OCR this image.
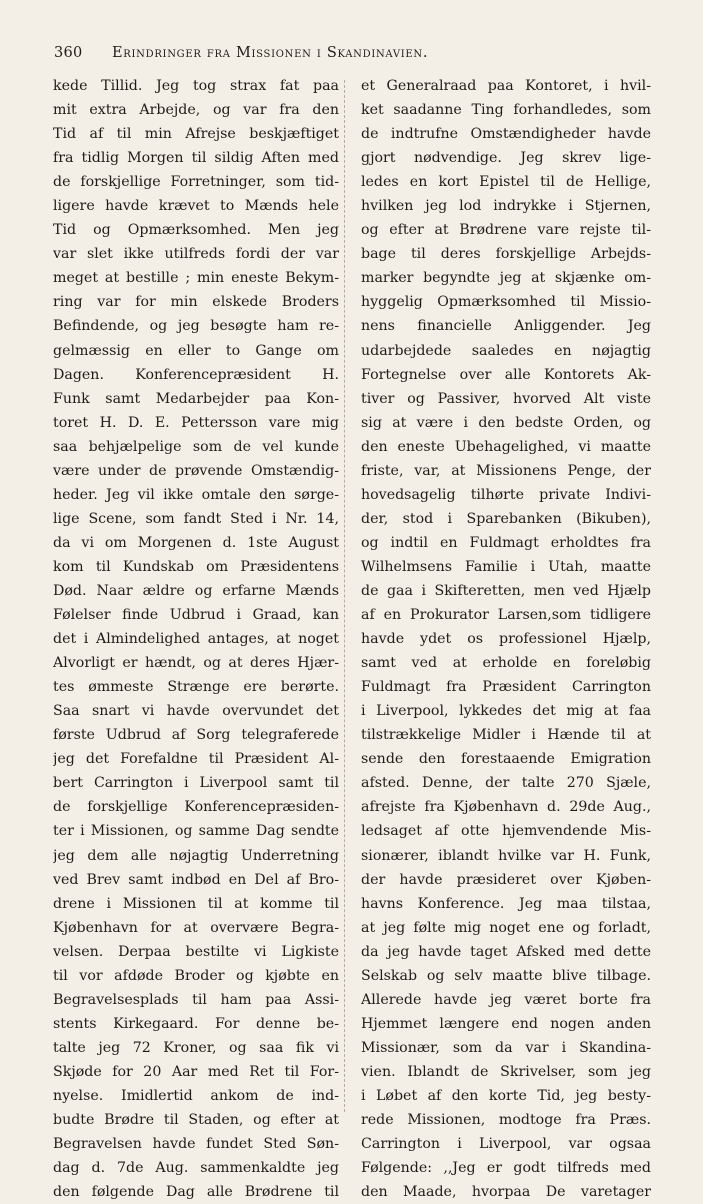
360 Erindringer fra Missionen i Skandinavien.
kede Tillid. Jeg tog strax fat paa
mit extra Arbejde, og var fra den
Tid af til min Afrejse beskjæftiget
fra tidlig Morgen til sildig Aften med
de forskjellige Forretninger, som tid-
ligere havde krævet to Mænds hele
Tid og Opmærksomhed. Men jeg
var slet ikke utilfreds fordi der var
meget at bestille ; min eneste Bekym-
ring var for min elskede Broders
Befindende, og jeg besøgte ham re-
gelmæssig en eller to Gange om
Dagen. Konferencepræsident H.
Funk samt Medarbejder paa Kon-
toret H. D. E. Pettersson vare mig
saa behjælpelige som de vel kunde
være under de prøvende Omstændig-
heder. Jeg vil ikke omtale den sørge-
lige Scene, som fandt Sted i Nr. 14,
da vi om Morgenen d. 1ste August
kom til Kundskab om Præsidentens
Død. Naar ældre og erfarne Mænds
Følelser finde Udbrud i Graad, kan
det i Almindelighed antages, at noget
Alvorligt er hændt, og at deres Hjær-
tes ømmeste Strænge ere berørte.
Saa snart vi havde overvundet det
første Udbrud af Sorg telegraferede
jeg det Forefaldne til Præsident Al-
bert Carrington i Liverpool samt til
de forskjellige Konferencepræsiden-
ter i Missionen, og samme Dag sendte
jeg dem alle nøjagtig Underretning
ved Brev samt indbød en Del af Bro-
drene i Missionen til at komme til
Kjøbenhavn for at overvære Begra-
velsen. Derpaa bestilte vi Ligkiste
til vor afdøde Broder og kjøbte en
Begravelsesplads til ham paa Assi-
stents Kirkegaard. For denne be-
talte jeg 72 Kroner, og saa fik vi
Skjøde for 20 Aar med Ret til For-
nyelse. Imidlertid ankom de ind-
budte Brødre til Staden, og efter at
Begravelsen havde fundet Sted Søn-
dag d. 7de Aug. sammenkaldte jeg
den følgende Dag alle Brødrene til
et Generalraad paa Kontoret, i hvil-
ket saadanne Ting forhandledes, som
de indtrufne Omstændigheder havde
gjort nødvendige. Jeg skrev lige-
ledes en kort Epistel til de Hellige,
hvilken jeg lod indrykke i Stjernen,
og efter at Brødrene vare rejste til-
bage til deres forskjellige Arbejds-
marker begyndte jeg at skjænke om-
hyggelig Opmærksomhed til Missio-
nens financielle Anliggender. Jeg
udarbejdede saaledes en nøjagtig
Fortegnelse over alle Kontorets Ak-
tiver og Passiver, hvorved Alt viste
sig at være i den bedste Orden, og
den eneste Ubehagelighed, vi maatte
friste, var, at Missionens Penge, der
hovedsagelig tilhørte private Indivi-
der, stod i Sparebanken (Bikuben),
og indtil en Fuldmagt erholdtes fra
Wilhelmsens Familie i Utah, maatte
de gaa i Skifteretten, men ved Hjælp
af en Prokurator Larsen,som tidligere
havde ydet os professionel Hjælp,
samt ved at erholde en foreløbig
Fuldmagt fra Præsident Carrington
i Liverpool, lykkedes det mig at faa
tilstrækkelige Midler i Hænde til at
sende den forestaaende Emigration
afsted. Denne, der talte 270 Sjæle,
afrejste fra Kjøbenhavn d. 29de Aug.,
ledsaget af otte hjemvendende Mis-
sionærer, iblandt hvilke var H. Funk,
der havde præsideret over Kjøben-
havns Konference. Jeg maa tilstaa,
at jeg følte mig noget ene og forladt,
da jeg havde taget Afsked med dette
Selskab og selv maatte blive tilbage.
Allerede havde jeg været borte fra
Hjemmet længere end nogen anden
Missionær, som da var i Skandina-
vien. Iblandt de Skrivelser, som jeg
i Løbet af den korte Tid, jeg besty-
rede Missionen, modtoge fra Præs.
Carrington i Liverpool, var ogsaa
Følgende: ,,Jeg er godt tilfreds med
den Maade, hvorpaa De varetager
